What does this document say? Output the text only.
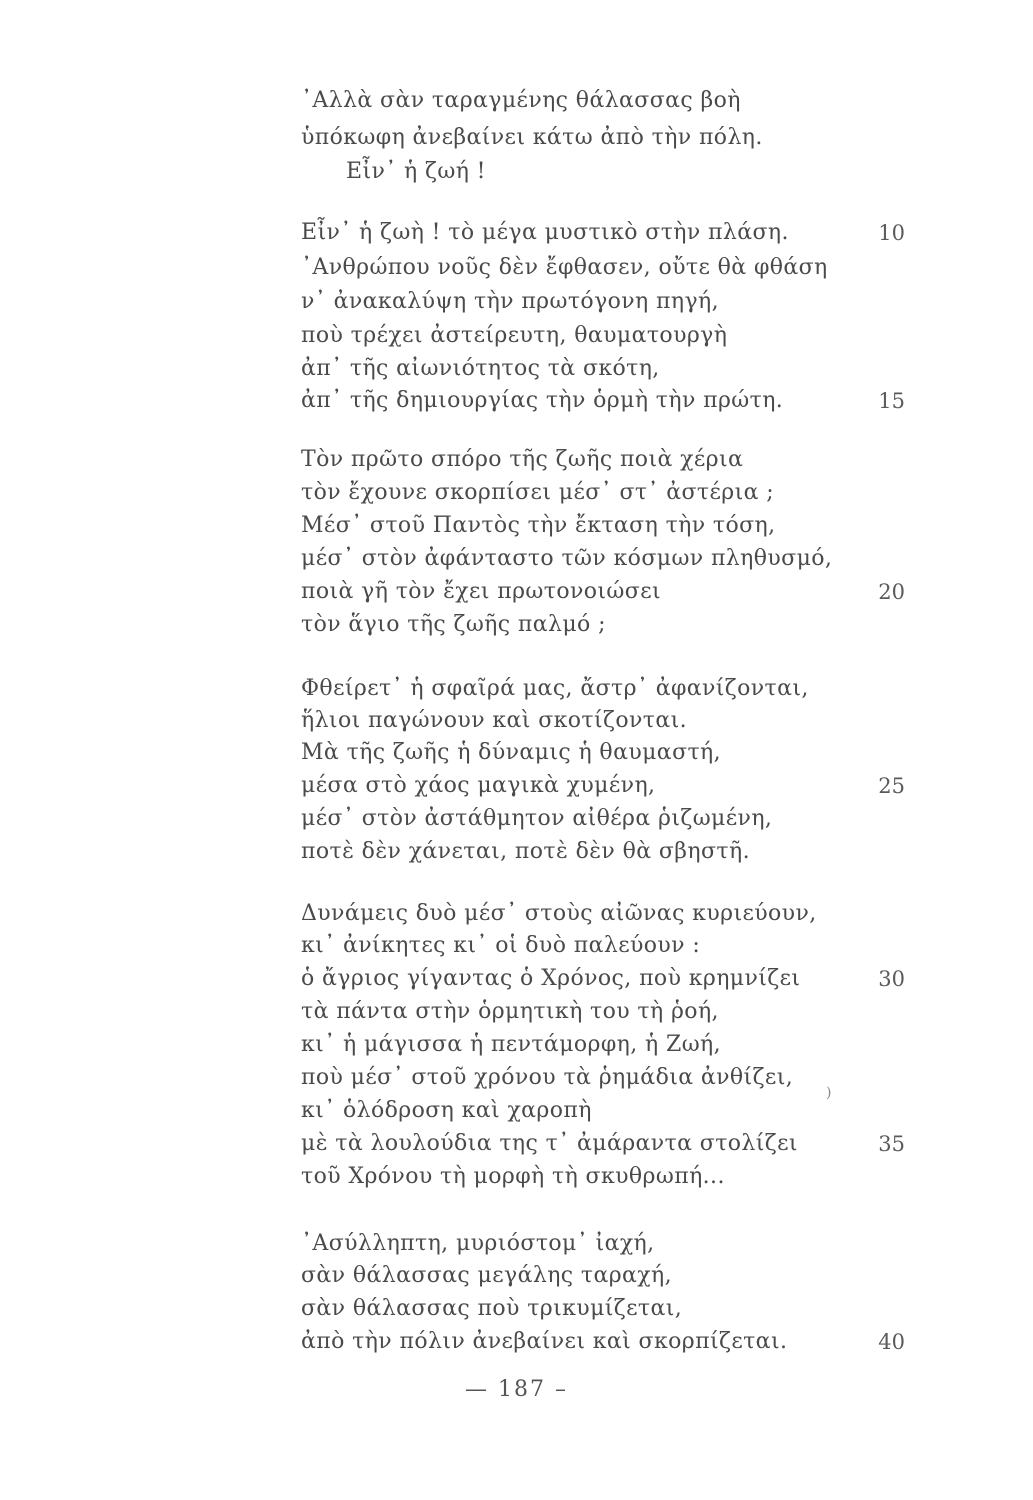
᾿Αλλὰ σὰν ταραγμένης θάλασσας βοὴ
ὑπόκωφη ἀνεβαίνει κάτω ἀπὸ τὴν πόλη.
Εἶν᾿ ἡ ζωή !
Εἶν᾿ ἡ ζωὴ ! τὸ μέγα μυστικὸ στὴν πλάση.	10
᾿Ανθρώπου νοῦς δὲν ἔφθασεν, οὔτε θὰ φθάση
ν᾿ ἀνακαλύψη τὴν πρωτόγονη πηγή,
ποὺ τρέχει ἀστείρευτη, θαυματουργὴ
ἀπ᾿ τῆς αἰωνιότητος τὰ σκότη,
ἀπ᾿ τῆς δημιουργίας τὴν ὁρμὴ τὴν πρώτη.	15
Τὸν πρῶτο σπόρο τῆς ζωῆς ποιὰ χέρια
τὸν ἔχουνε σκορπίσει μέσ᾿ στ᾿ ἀστέρια ;
Μέσ᾿ στοῦ Παντὸς τὴν ἔκταση τὴν τόση,
μέσ᾿ στὸν ἀφάνταστο τῶν κόσμων πληθυσμό,
ποιὰ γῆ τὸν ἔχει πρωτονοιώσει	20
τὸν ἅγιο τῆς ζωῆς παλμό ;
Φθείρετ᾿ ἡ σφαῖρά μας, ἄστρ᾿ ἀφανίζονται,
ἥλιοι παγώνουν καὶ σκοτίζονται.
Μὰ τῆς ζωῆς ἡ δύναμις ἡ θαυμαστή,
μέσα στὸ χάος μαγικὰ χυμένη,	25
μέσ᾿ στὸν ἀστάθμητον αἰθέρα ῥιζωμένη,
ποτὲ δὲν χάνεται, ποτὲ δὲν θὰ σβηστῆ.
Δυνάμεις δυὸ μέσ᾿ στοὺς αἰῶνας κυριεύουν,
κι᾿ ἀνίκητες κι᾿ οἱ δυὸ παλεύουν :
ὁ ἄγριος γίγαντας ὁ Χρόνος, ποὺ κρημνίζει	30
τὰ πάντα στὴν ὁρμητικὴ του τὴ ῥοή,
κι᾿ ἡ μάγισσα ἡ πεντάμορφη, ἡ Ζωή,
ποὺ μέσ᾿ στοῦ χρόνου τὰ ῥημάδια ἀνθίζει,
κι᾿ ὁλόδροση καὶ χαροπὴ
μὲ τὰ λουλούδια της τ᾿ ἀμάραντα στολίζει	35
τοῦ Χρόνου τὴ μορφὴ τὴ σκυθρωπή...
᾿Ασύλληπτη, μυριόστομ᾿ ἰαχή,
σὰν θάλασσας μεγάλης ταραχή,
σὰν θάλασσας ποὺ τρικυμίζεται,
ἀπὸ τὴν πόλιν ἀνεβαίνει καὶ σκορπίζεται.	40
— 187 –
)
